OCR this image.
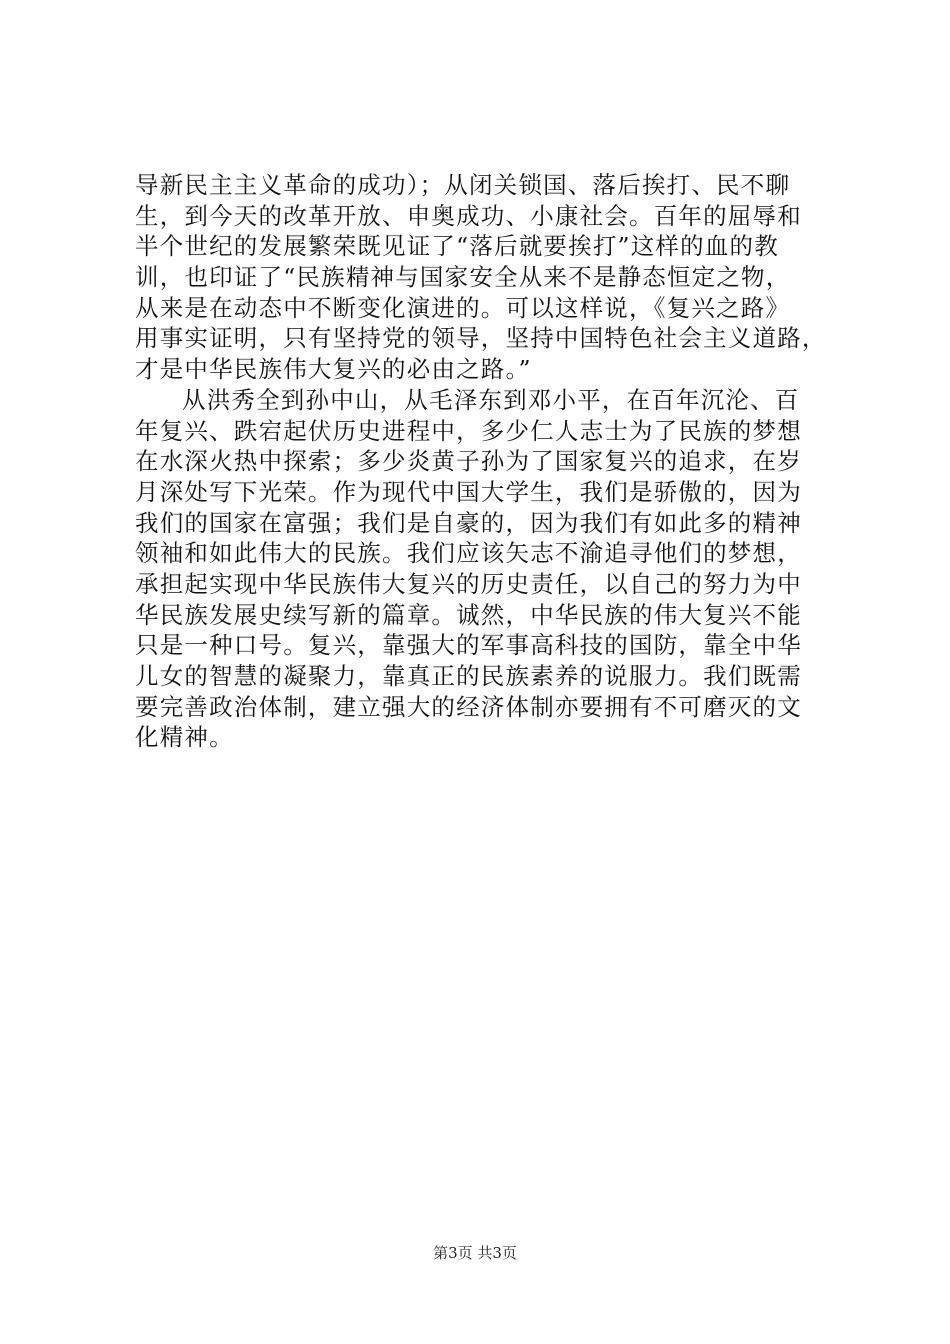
导新民主主义革命的成功）；从闭关锁国、落后挨打、民不聊
生，到今天的改革开放、申奥成功、小康社会。百年的屈辱和
半个世纪的发展繁荣既见证了“落后就要挨打”这样的血的教
训，也印证了“民族精神与国家安全从来不是静态恒定之物，
从来是在动态中不断变化演进的。可以这样说，《复兴之路》
用事实证明，只有坚持党的领导，坚持中国特色社会主义道路，
才是中华民族伟大复兴的必由之路。”
从洪秀全到孙中山，从毛泽东到邓小平，在百年沉沦、百
年复兴、跌宕起伏历史进程中，多少仁人志士为了民族的梦想
在水深火热中探索；多少炎黄子孙为了国家复兴的追求，在岁
月深处写下光荣。作为现代中国大学生，我们是骄傲的，因为
我们的国家在富强；我们是自豪的，因为我们有如此多的精神
领袖和如此伟大的民族。我们应该矢志不渝追寻他们的梦想，
承担起实现中华民族伟大复兴的历史责任，以自己的努力为中
华民族发展史续写新的篇章。诚然，中华民族的伟大复兴不能
只是一种口号。复兴，靠强大的军事高科技的国防，靠全中华
儿女的智慧的凝聚力，靠真正的民族素养的说服力。我们既需
要完善政治体制，建立强大的经济体制亦要拥有不可磨灭的文
化精神。
第3页 共3页
